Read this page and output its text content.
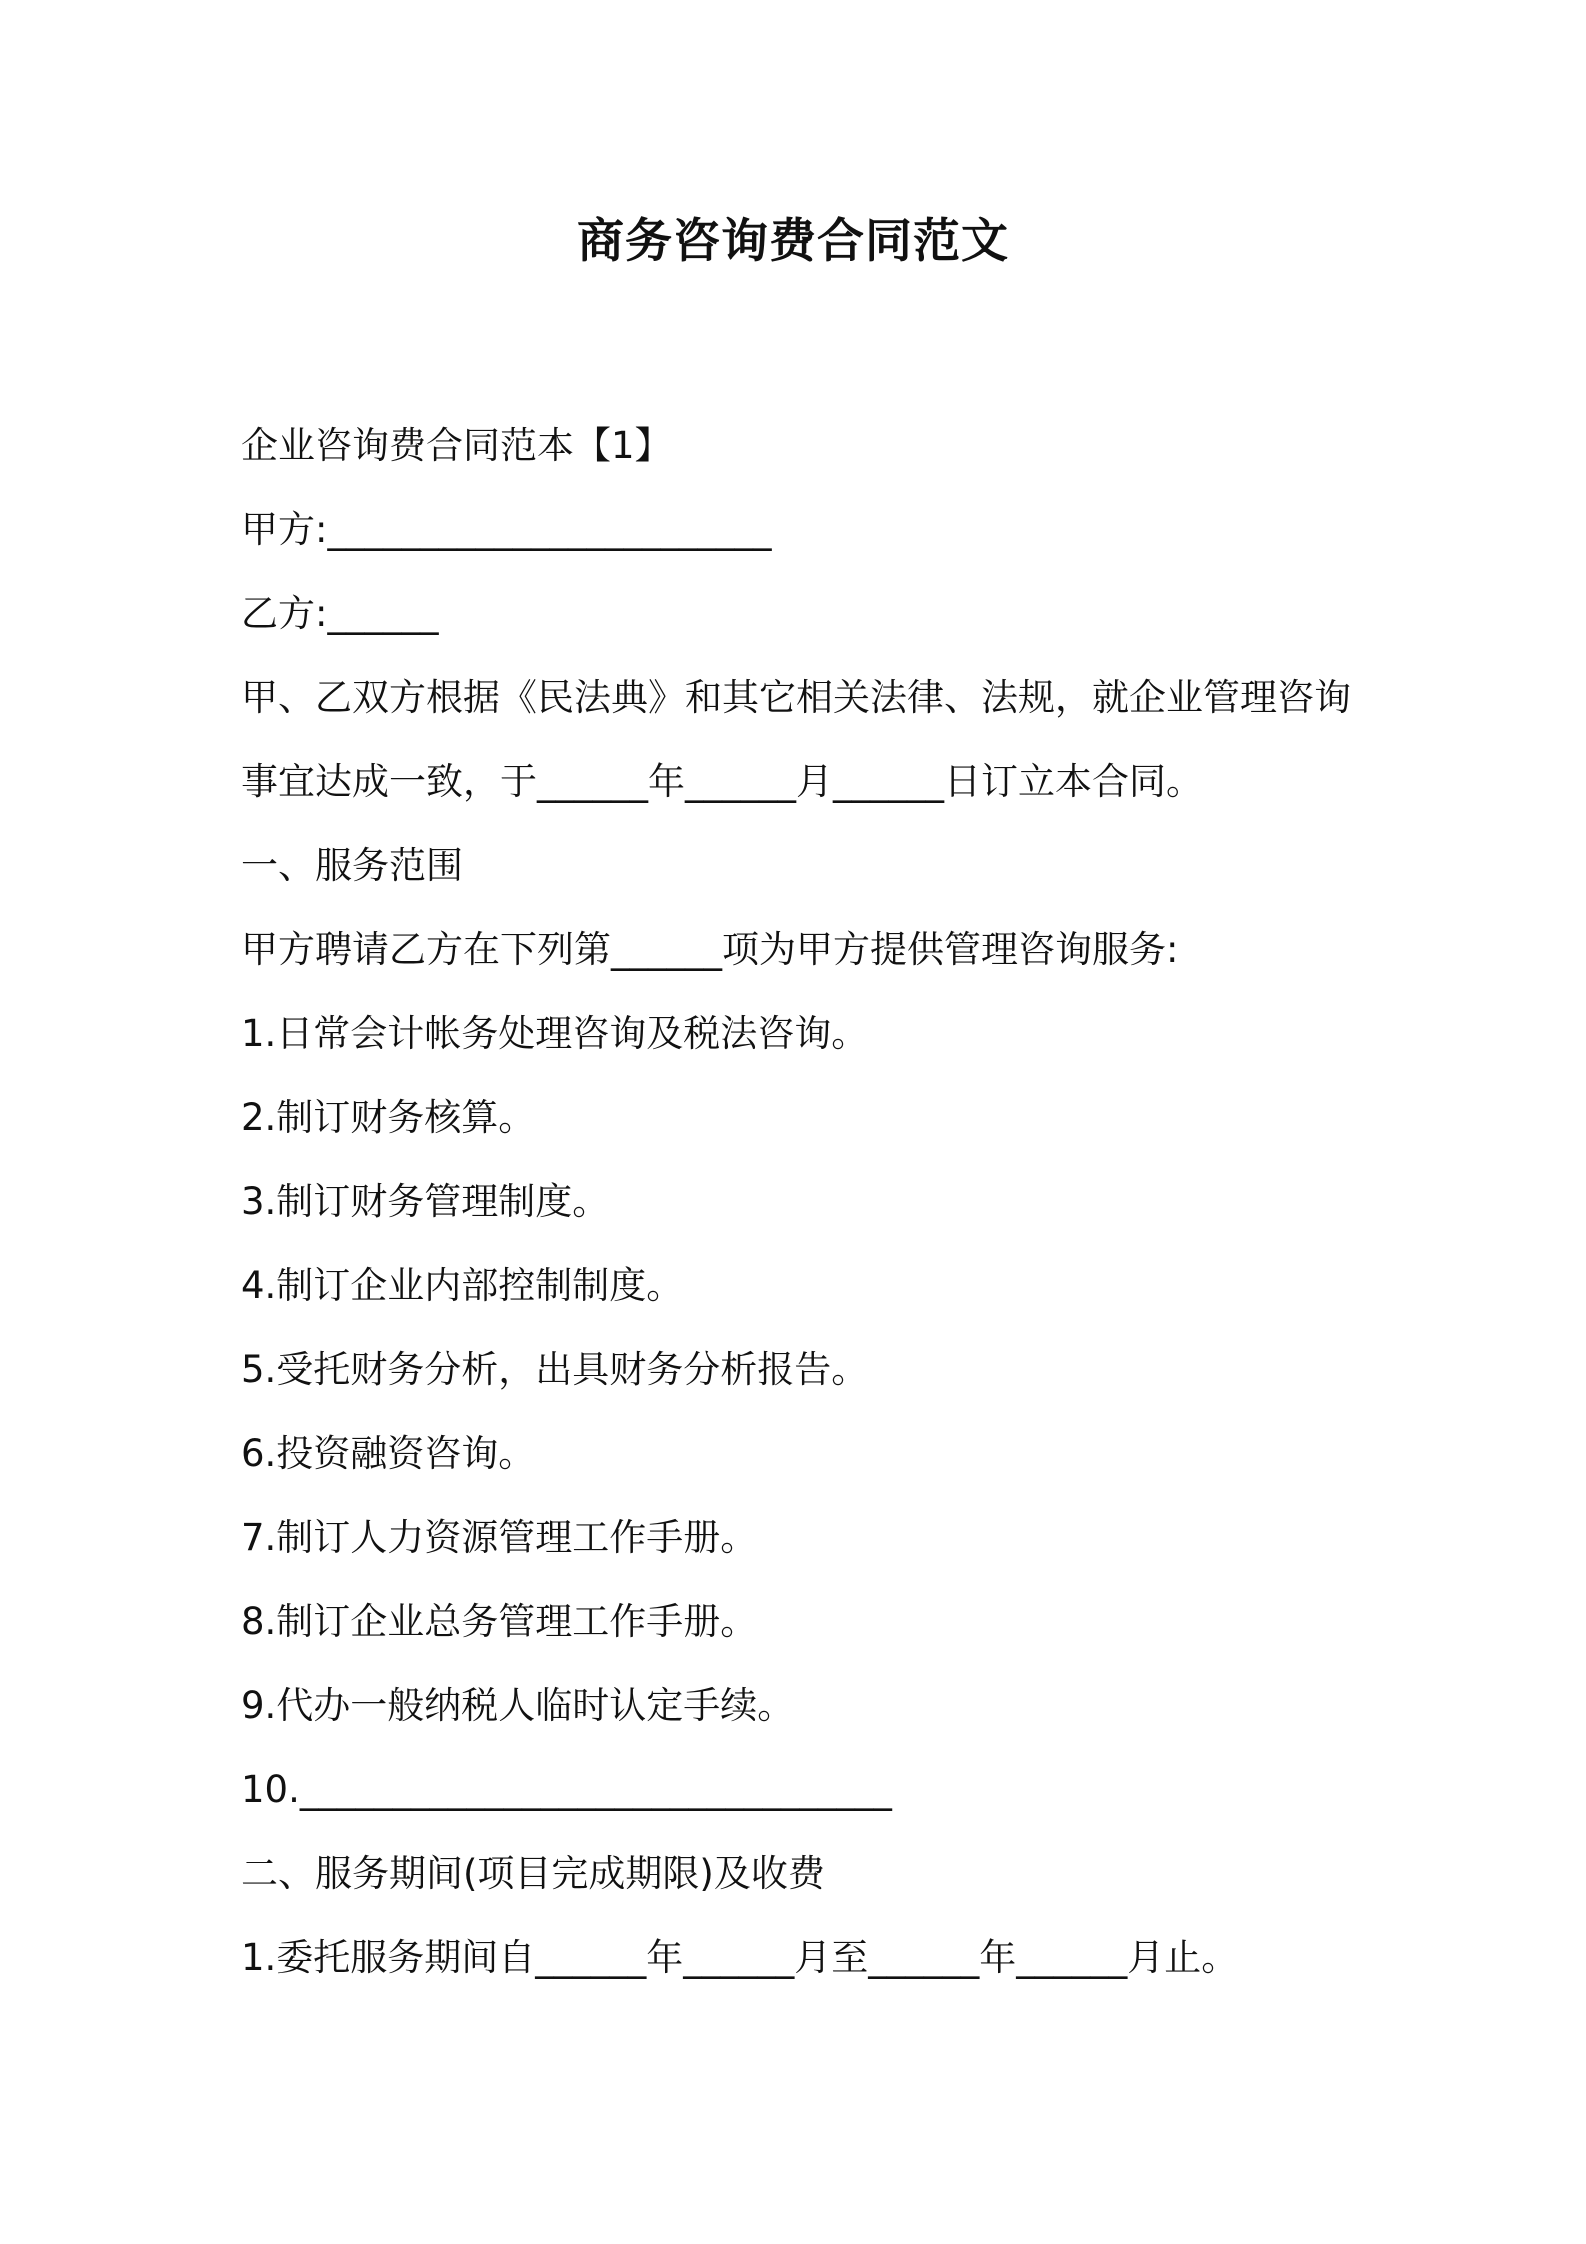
商务咨询费合同范文
企业咨询费合同范本【1】
甲方:________________________
乙方:______
甲、乙双方根据《民法典》和其它相关法律、法规，就企业管理咨询
事宜达成一致，于______年______月______日订立本合同。
一、服务范围
甲方聘请乙方在下列第______项为甲方提供管理咨询服务:
1.日常会计帐务处理咨询及税法咨询。
2.制订财务核算。
3.制订财务管理制度。
4.制订企业内部控制制度。
5.受托财务分析，出具财务分析报告。
6.投资融资咨询。
7.制订人力资源管理工作手册。
8.制订企业总务管理工作手册。
9.代办一般纳税人临时认定手续。
10.________________________________
二、服务期间(项目完成期限)及收费
1.委托服务期间自______年______月至______年______月止。
